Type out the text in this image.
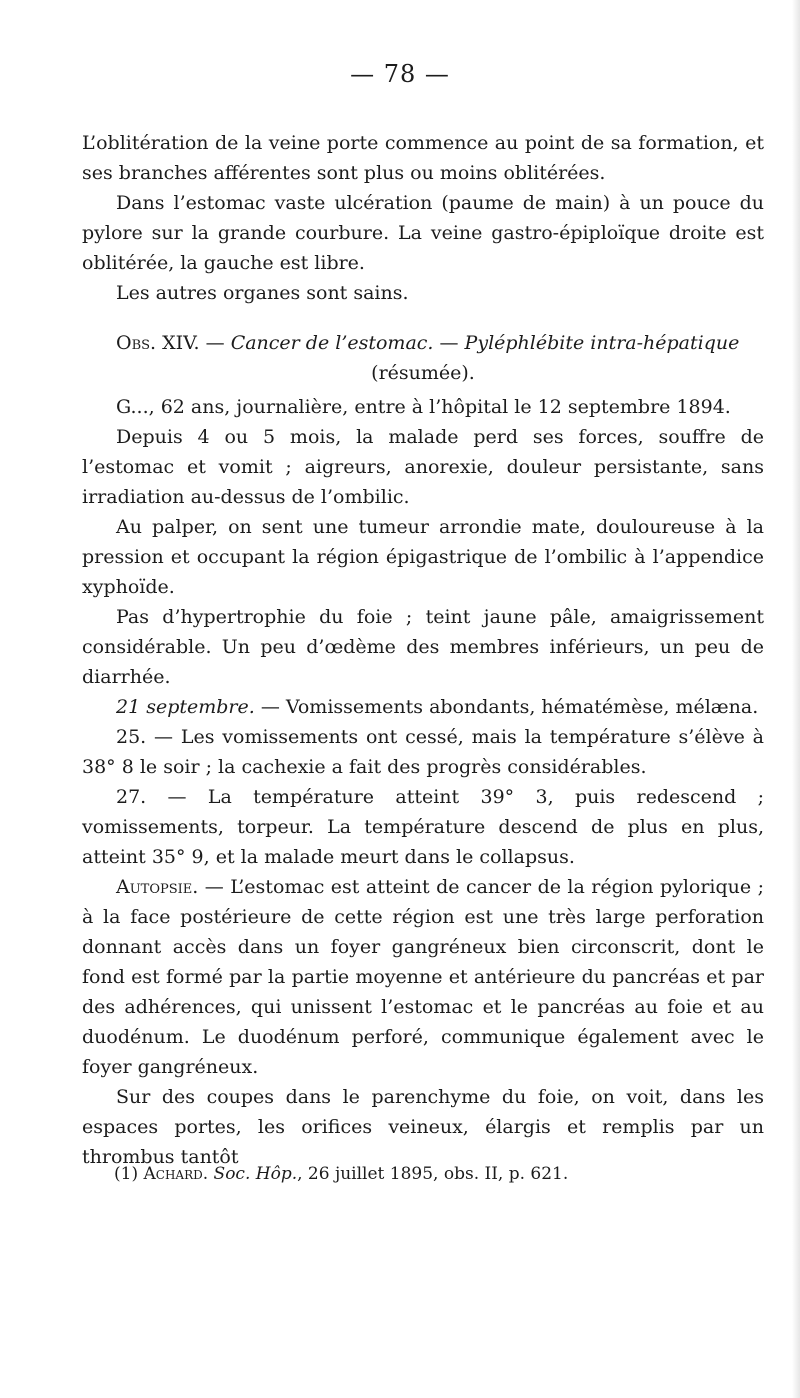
— 78 —

L’oblitération de la veine porte commence au point de sa formation, et ses branches afférentes sont plus ou moins oblitérées.

Dans l’estomac vaste ulcération (paume de main) à un pouce du pylore sur la grande courbure. La veine gastro-épiploïque droite est oblitérée, la gauche est libre.

Les autres organes sont sains.

Obs. XIV. — Cancer de l’estomac. — Pyléphlébite intra-hépatique

(résumée).

G..., 62 ans, journalière, entre à l’hôpital le 12 septembre 1894.

Depuis 4 ou 5 mois, la malade perd ses forces, souffre de l’estomac et vomit ; aigreurs, anorexie, douleur persistante, sans irradiation au-dessus de l’ombilic.

Au palper, on sent une tumeur arrondie mate, douloureuse à la pression et occupant la région épigastrique de l’ombilic à l’appendice xyphoïde.

Pas d’hypertrophie du foie ; teint jaune pâle, amaigrissement considérable. Un peu d’œdème des membres inférieurs, un peu de diarrhée.

21 septembre. — Vomissements abondants, hématémèse, mélæna.

25. — Les vomissements ont cessé, mais la température s’élève à 38° 8 le soir ; la cachexie a fait des progrès considérables.

27. — La température atteint 39° 3, puis redescend ; vomissements, torpeur. La température descend de plus en plus, atteint 35° 9, et la malade meurt dans le collapsus.

Autopsie. — L’estomac est atteint de cancer de la région pylorique ; à la face postérieure de cette région est une très large perforation donnant accès dans un foyer gangréneux bien circonscrit, dont le fond est formé par la partie moyenne et antérieure du pancréas et par des adhérences, qui unissent l’estomac et le pancréas au foie et au duodénum. Le duodénum perforé, communique également avec le foyer gangréneux.

Sur des coupes dans le parenchyme du foie, on voit, dans les espaces portes, les orifices veineux, élargis et remplis par un thrombus tantôt

(1) Achard. Soc. Hôp., 26 juillet 1895, obs. II, p. 621.
